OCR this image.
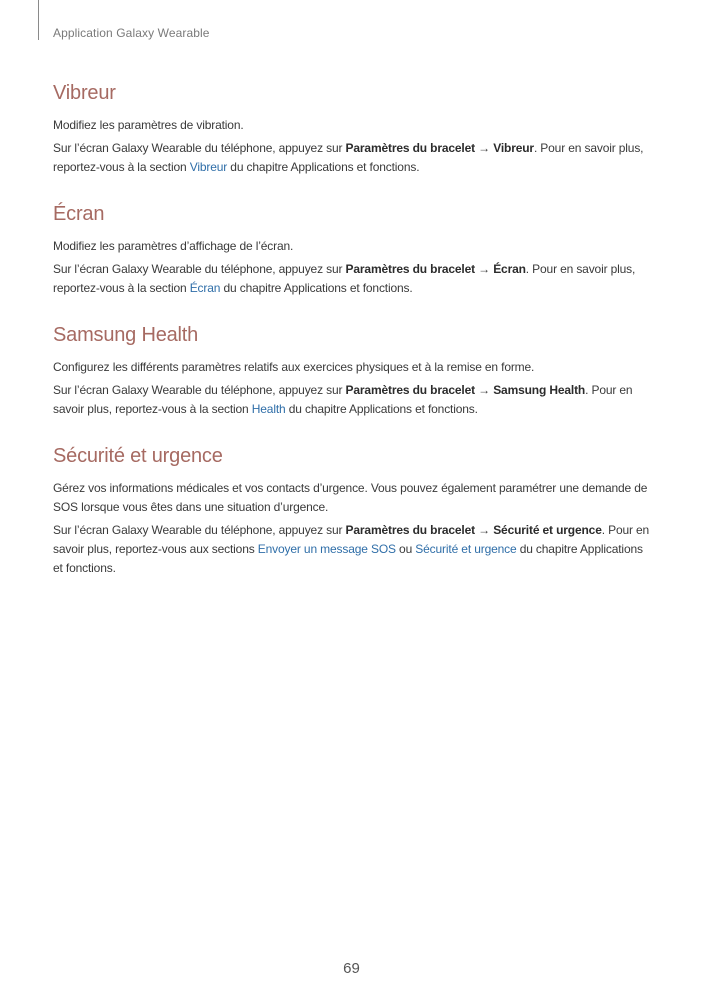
Application Galaxy Wearable
Vibreur

Modifiez les paramètres de vibration.

Sur l’écran Galaxy Wearable du téléphone, appuyez sur Paramètres du bracelet → Vibreur. Pour en savoir plus, reportez-vous à la section Vibreur du chapitre Applications et fonctions.

Écran

Modifiez les paramètres d’affichage de l’écran.

Sur l’écran Galaxy Wearable du téléphone, appuyez sur Paramètres du bracelet → Écran. Pour en savoir plus, reportez-vous à la section Écran du chapitre Applications et fonctions.

Samsung Health

Configurez les différents paramètres relatifs aux exercices physiques et à la remise en forme.

Sur l’écran Galaxy Wearable du téléphone, appuyez sur Paramètres du bracelet → Samsung Health. Pour en savoir plus, reportez-vous à la section Health du chapitre Applications et fonctions.

Sécurité et urgence

Gérez vos informations médicales et vos contacts d’urgence. Vous pouvez également paramétrer une demande de SOS lorsque vous êtes dans une situation d’urgence.

Sur l’écran Galaxy Wearable du téléphone, appuyez sur Paramètres du bracelet → Sécurité et urgence. Pour en savoir plus, reportez-vous aux sections Envoyer un message SOS ou Sécurité et urgence du chapitre Applications et fonctions.

69
